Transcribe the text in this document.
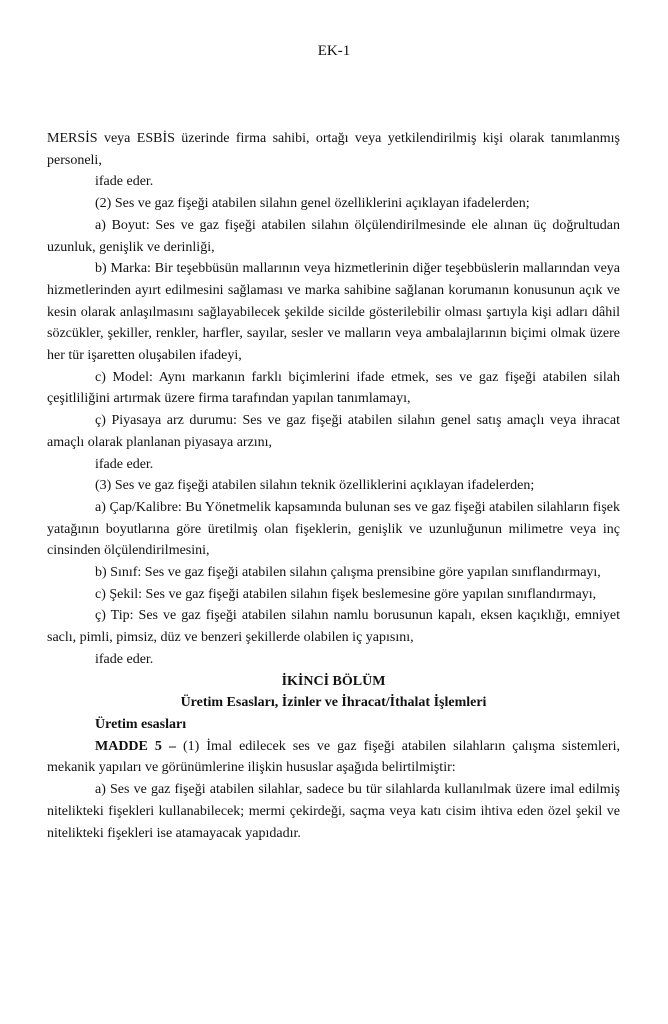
EK-1

MERSİS veya ESBİS üzerinde firma sahibi, ortağı veya yetkilendirilmiş kişi olarak tanımlanmış personeli,

ifade eder.

(2) Ses ve gaz fişeği atabilen silahın genel özelliklerini açıklayan ifadelerden;

a) Boyut: Ses ve gaz fişeği atabilen silahın ölçülendirilmesinde ele alınan üç doğrultudan uzunluk, genişlik ve derinliği,

b) Marka: Bir teşebbüsün mallarının veya hizmetlerinin diğer teşebbüslerin mallarından veya hizmetlerinden ayırt edilmesini sağlaması ve marka sahibine sağlanan korumanın konusunun açık ve kesin olarak anlaşılmasını sağlayabilecek şekilde sicilde gösterilebilir olması şartıyla kişi adları dâhil sözcükler, şekiller, renkler, harfler, sayılar, sesler ve malların veya ambalajlarının biçimi olmak üzere her tür işaretten oluşabilen ifadeyi,

c) Model: Aynı markanın farklı biçimlerini ifade etmek, ses ve gaz fişeği atabilen silah çeşitliliğini artırmak üzere firma tarafından yapılan tanımlamayı,

ç) Piyasaya arz durumu: Ses ve gaz fişeği atabilen silahın genel satış amaçlı veya ihracat amaçlı olarak planlanan piyasaya arzını,

ifade eder.

(3) Ses ve gaz fişeği atabilen silahın teknik özelliklerini açıklayan ifadelerden;

a) Çap/Kalibre: Bu Yönetmelik kapsamında bulunan ses ve gaz fişeği atabilen silahların fişek yatağının boyutlarına göre üretilmiş olan fişeklerin, genişlik ve uzunluğunun milimetre veya inç cinsinden ölçülendirilmesini,

b) Sınıf: Ses ve gaz fişeği atabilen silahın çalışma prensibine göre yapılan sınıflandırmayı,

c) Şekil: Ses ve gaz fişeği atabilen silahın fişek beslemesine göre yapılan sınıflandırmayı,

ç) Tip: Ses ve gaz fişeği atabilen silahın namlu borusunun kapalı, eksen kaçıklığı, emniyet saclı, pimli, pimsiz, düz ve benzeri şekillerde olabilen iç yapısını,

ifade eder.

İKİNCİ BÖLÜM

Üretim Esasları, İzinler ve İhracat/İthalat İşlemleri

Üretim esasları

MADDE 5 – (1) İmal edilecek ses ve gaz fişeği atabilen silahların çalışma sistemleri, mekanik yapıları ve görünümlerine ilişkin hususlar aşağıda belirtilmiştir:

a) Ses ve gaz fişeği atabilen silahlar, sadece bu tür silahlarda kullanılmak üzere imal edilmiş nitelikteki fişekleri kullanabilecek; mermi çekirdeği, saçma veya katı cisim ihtiva eden özel şekil ve nitelikteki fişekleri ise atamayacak yapıdadır.
